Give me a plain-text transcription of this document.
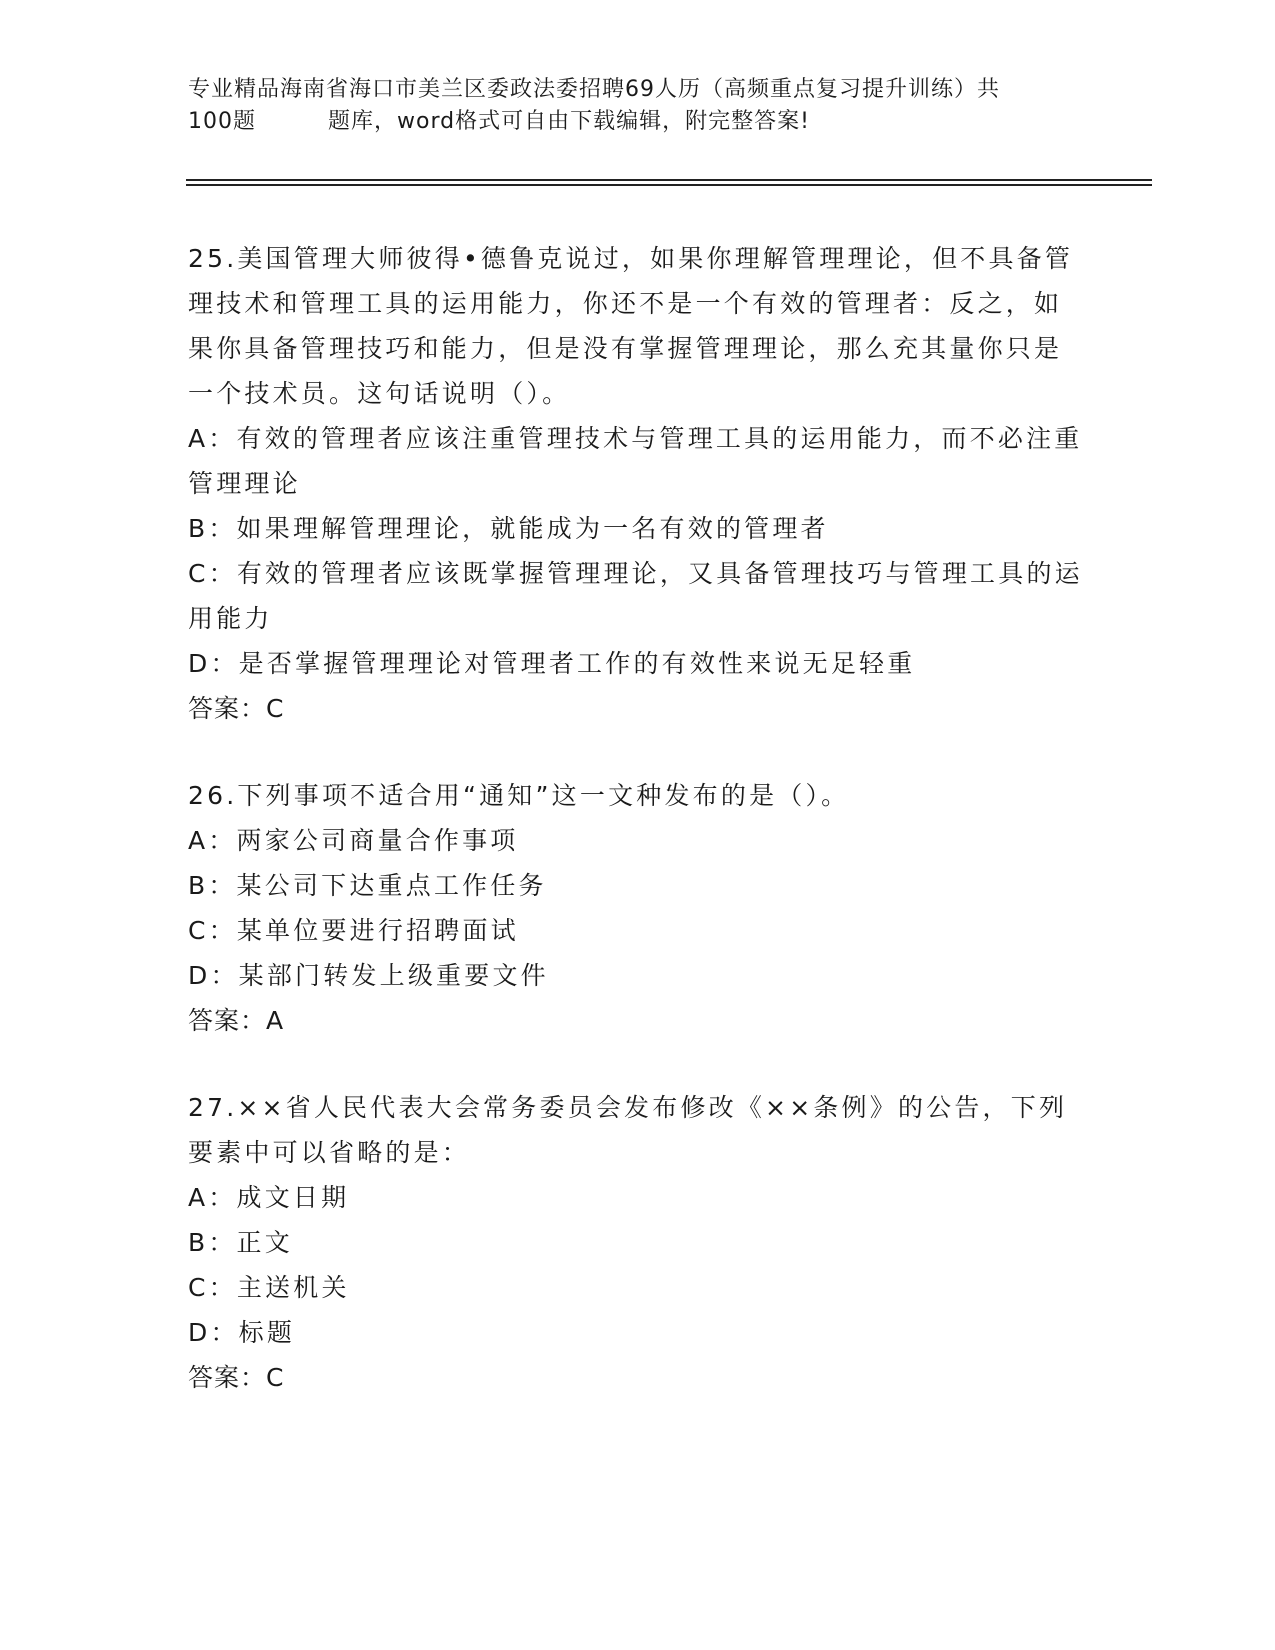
专业精品海南省海口市美兰区委政法委招聘69人历（高频重点复习提升训练）共
100题	题库，word格式可自由下载编辑，附完整答案!

25.美国管理大师彼得•德鲁克说过，如果你理解管理理论，但不具备管理技术和管理工具的运用能力，你还不是一个有效的管理者：反之，如果你具备管理技巧和能力，但是没有掌握管理理论，那么充其量你只是一个技术员。这句话说明（）。

A：有效的管理者应该注重管理技术与管理工具的运用能力，而不必注重管理理论

B：如果理解管理理论，就能成为一名有效的管理者

C：有效的管理者应该既掌握管理理论，又具备管理技巧与管理工具的运用能力

D：是否掌握管理理论对管理者工作的有效性来说无足轻重

答案：C

26.下列事项不适合用“通知”这一文种发布的是（）。

A：两家公司商量合作事项

B：某公司下达重点工作任务

C：某单位要进行招聘面试

D：某部门转发上级重要文件

答案：A

27.××省人民代表大会常务委员会发布修改《××条例》的公告，下列要素中可以省略的是：

A：成文日期

B：正文

C：主送机关

D：标题

答案：C
